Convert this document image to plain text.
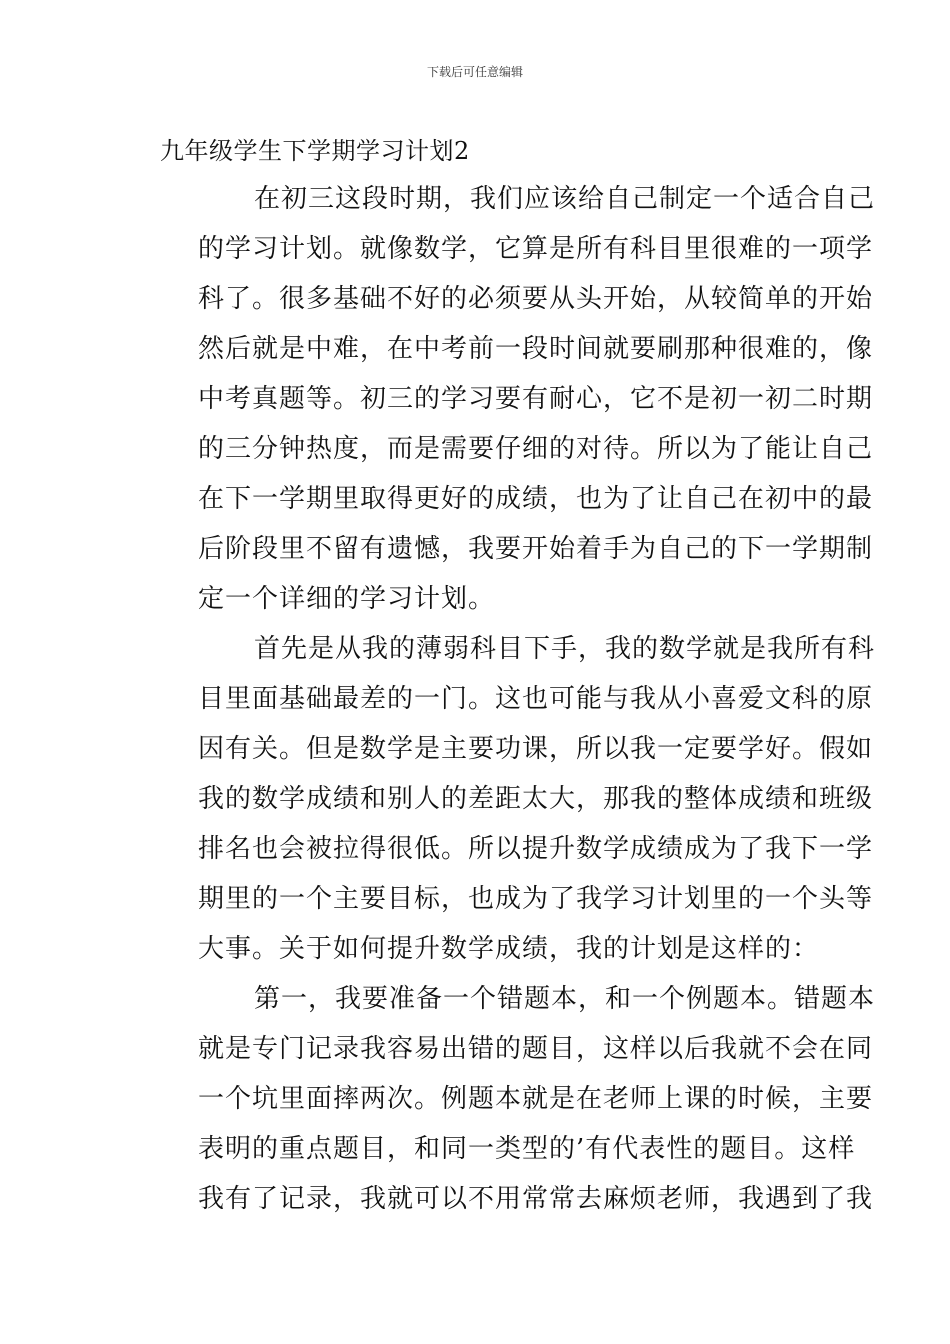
下载后可任意编辑
九年级学生下学期学习计划2
在初三这段时期，我们应该给自己制定一个适合自己
的学习计划。就像数学，它算是所有科目里很难的一项学
科了。很多基础不好的必须要从头开始，从较简单的开始
然后就是中难，在中考前一段时间就要刷那种很难的，像
中考真题等。初三的学习要有耐心，它不是初一初二时期
的三分钟热度，而是需要仔细的对待。所以为了能让自己
在下一学期里取得更好的成绩，也为了让自己在初中的最
后阶段里不留有遗憾，我要开始着手为自己的下一学期制
定一个详细的学习计划。
首先是从我的薄弱科目下手，我的数学就是我所有科
目里面基础最差的一门。这也可能与我从小喜爱文科的原
因有关。但是数学是主要功课，所以我一定要学好。假如
我的数学成绩和别人的差距太大，那我的整体成绩和班级
排名也会被拉得很低。所以提升数学成绩成为了我下一学
期里的一个主要目标，也成为了我学习计划里的一个头等
大事。关于如何提升数学成绩，我的计划是这样的：
第一，我要准备一个错题本，和一个例题本。错题本
就是专门记录我容易出错的题目，这样以后我就不会在同
一个坑里面摔两次。例题本就是在老师上课的时候，主要
表明的重点题目，和同一类型的’有代表性的题目。这样
我有了记录，我就可以不用常常去麻烦老师，我遇到了我
